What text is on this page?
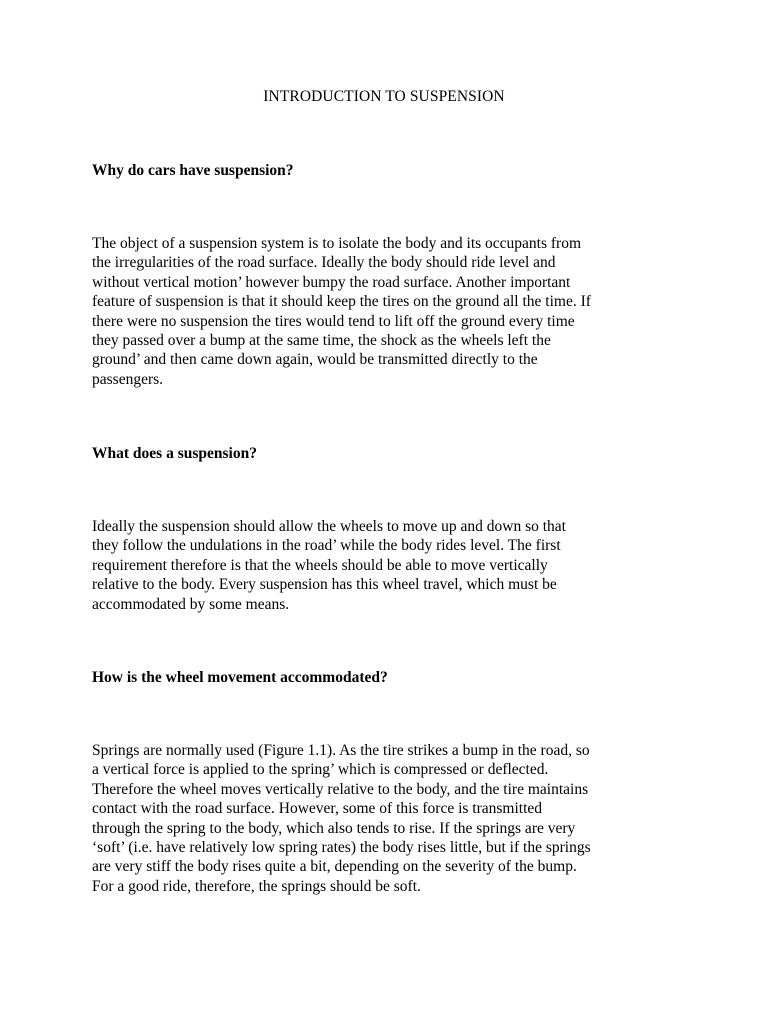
INTRODUCTION TO SUSPENSION
Why do cars have suspension?
The object of a suspension system is to isolate the body and its occupants from
the irregularities of the road surface. Ideally the body should ride level and
without vertical motion’ however bumpy the road surface. Another important
feature of suspension is that it should keep the tires on the ground all the time. If
there were no suspension the tires would tend to lift off the ground every time
they passed over a bump at the same time, the shock as the wheels left the
ground’ and then came down again, would be transmitted directly to the
passengers.
What does a suspension?
Ideally the suspension should allow the wheels to move up and down so that
they follow the undulations in the road’ while the body rides level. The first
requirement therefore is that the wheels should be able to move vertically
relative to the body. Every suspension has this wheel travel, which must be
accommodated by some means.
How is the wheel movement accommodated?
Springs are normally used (Figure 1.1). As the tire strikes a bump in the road, so
a vertical force is applied to the spring’ which is compressed or deflected.
Therefore the wheel moves vertically relative to the body, and the tire maintains
contact with the road surface. However, some of this force is transmitted
through the spring to the body, which also tends to rise. If the springs are very
‘soft’ (i.e. have relatively low spring rates) the body rises little, but if the springs
are very stiff the body rises quite a bit, depending on the severity of the bump.
For a good ride, therefore, the springs should be soft.
